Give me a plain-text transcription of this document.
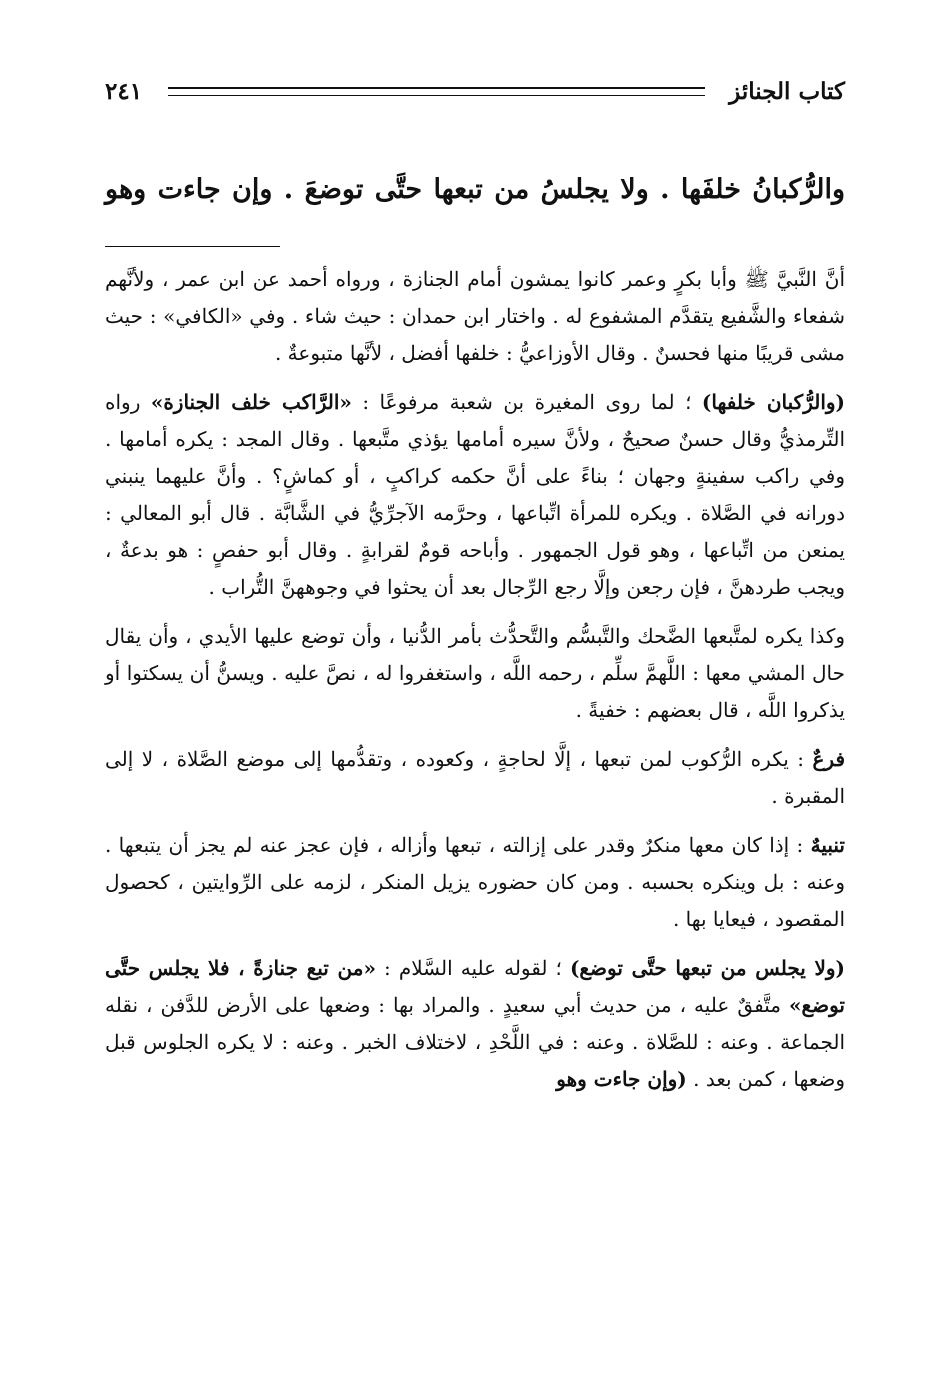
كتاب الجنائز
٢٤١
والرُّكبانُ خلفَها . ولا يجلسُ من تبعها حتَّى توضعَ . وإن جاءت وهو

أنَّ النَّبيَّ ﷺ وأبا بكرٍ وعمر كانوا يمشون أمام الجنازة ، ورواه أحمد عن ابن عمر ، ولأنَّهم شفعاء والشَّفيع يتقدَّم المشفوع له . واختار ابن حمدان : حيث شاء . وفي «الكافي» : حيث مشى قريبًا منها فحسنٌ . وقال الأوزاعيُّ : خلفها أفضل ، لأنَّها متبوعةٌ .

(والرُّكبان خلفها) ؛ لما روى المغيرة بن شعبة مرفوعًا : «الرَّاكب خلف الجنازة» رواه التِّرمذيُّ وقال حسنٌ صحيحٌ ، ولأنَّ سيره أمامها يؤذي متَّبعها . وقال المجد : يكره أمامها . وفي راكب سفينةٍ وجهان ؛ بناءً على أنَّ حكمه كراكبٍ ، أو كماشٍ؟ . وأنَّ عليهما ينبني دورانه في الصَّلاة . ويكره للمرأة اتِّباعها ، وحرَّمه الآجرِّيُّ في الشَّابَّة . قال أبو المعالي : يمنعن من اتِّباعها ، وهو قول الجمهور . وأباحه قومٌ لقرابةٍ . وقال أبو حفصٍ : هو بدعةٌ ، ويجب طردهنَّ ، فإن رجعن وإلَّا رجع الرِّجال بعد أن يحثوا في وجوههنَّ التُّراب .

وكذا يكره لمتَّبعها الضَّحك والتَّبسُّم والتَّحدُّث بأمر الدُّنيا ، وأن توضع عليها الأيدي ، وأن يقال حال المشي معها : اللَّهمَّ سلِّم ، رحمه اللَّه ، واستغفروا له ، نصَّ عليه . ويسنُّ أن يسكتوا أو يذكروا اللَّه ، قال بعضهم : خفيةً .

فرعٌ : يكره الرُّكوب لمن تبعها ، إلَّا لحاجةٍ ، وكعوده ، وتقدُّمها إلى موضع الصَّلاة ، لا إلى المقبرة .

تنبيهٌ : إذا كان معها منكرٌ وقدر على إزالته ، تبعها وأزاله ، فإن عجز عنه لم يجز أن يتبعها . وعنه : بل وينكره بحسبه . ومن كان حضوره يزيل المنكر ، لزمه على الرِّوايتين ، كحصول المقصود ، فيعايا بها .

(ولا يجلس من تبعها حتَّى توضع) ؛ لقوله عليه السَّلام : «من تبع جنازةً ، فلا يجلس حتَّى توضع» متَّفقٌ عليه ، من حديث أبي سعيدٍ . والمراد بها : وضعها على الأرض للدَّفن ، نقله الجماعة . وعنه : للصَّلاة . وعنه : في اللَّحْدِ ، لاختلاف الخبر . وعنه : لا يكره الجلوس قبل وضعها ، كمن بعد . (وإن جاءت وهو
